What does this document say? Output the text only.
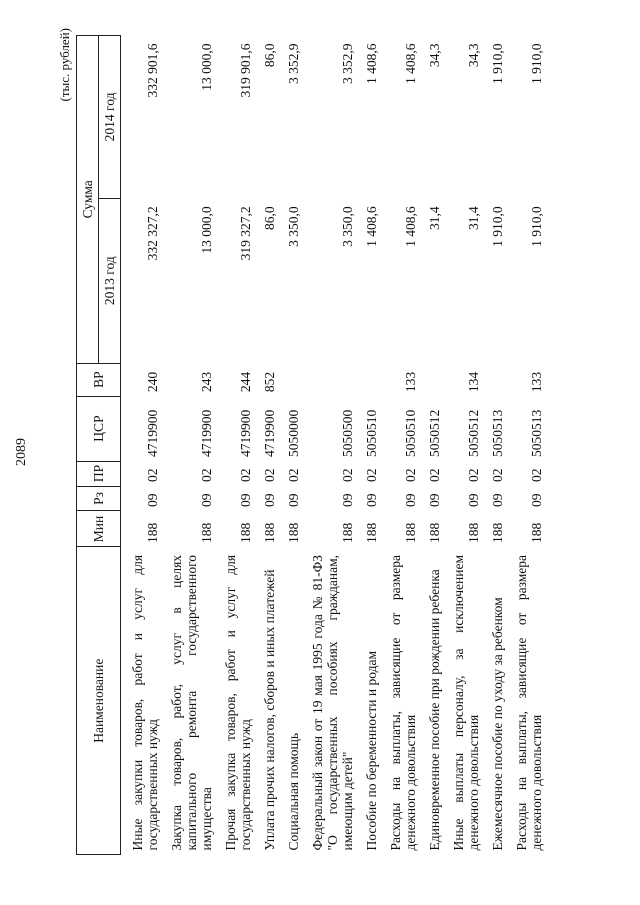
2089
(тыс. рублей)
Наименование	Мин	Рз	ПР	ЦСР	ВР	Сумма	
						2013 год	2014 год
Иные закупки товаров, работ и услуг для государственных нужд	188	09	02	4719900	240	332 327,2	332 901,6
Закупка товаров, работ, услуг в целях капитального ремонта государственного имущества	188	09	02	4719900	243	13 000,0	13 000,0
Прочая закупка товаров, работ и услуг для государственных нужд	188	09	02	4719900	244	319 327,2	319 901,6
Уплата прочих налогов, сборов и иных платежей	188	09	02	4719900	852	86,0	86,0
Социальная помощь	188	09	02	5050000		3 350,0	3 352,9
Федеральный закон от 19 мая 1995 года № 81-ФЗ "О государственных пособиях гражданам, имеющим детей"	188	09	02	5050500		3 350,0	3 352,9
Пособие по беременности и родам	188	09	02	5050510		1 408,6	1 408,6
Расходы на выплаты, зависящие от размера денежного довольствия	188	09	02	5050510	133	1 408,6	1 408,6
Единовременное пособие при рождении ребенка	188	09	02	5050512		31,4	34,3
Иные выплаты персоналу, за исключением денежного довольствия	188	09	02	5050512	134	31,4	34,3
Ежемесячное пособие по уходу за ребенком	188	09	02	5050513		1 910,0	1 910,0
Расходы на выплаты, зависящие от размера денежного довольствия	188	09	02	5050513	133	1 910,0	1 910,0
